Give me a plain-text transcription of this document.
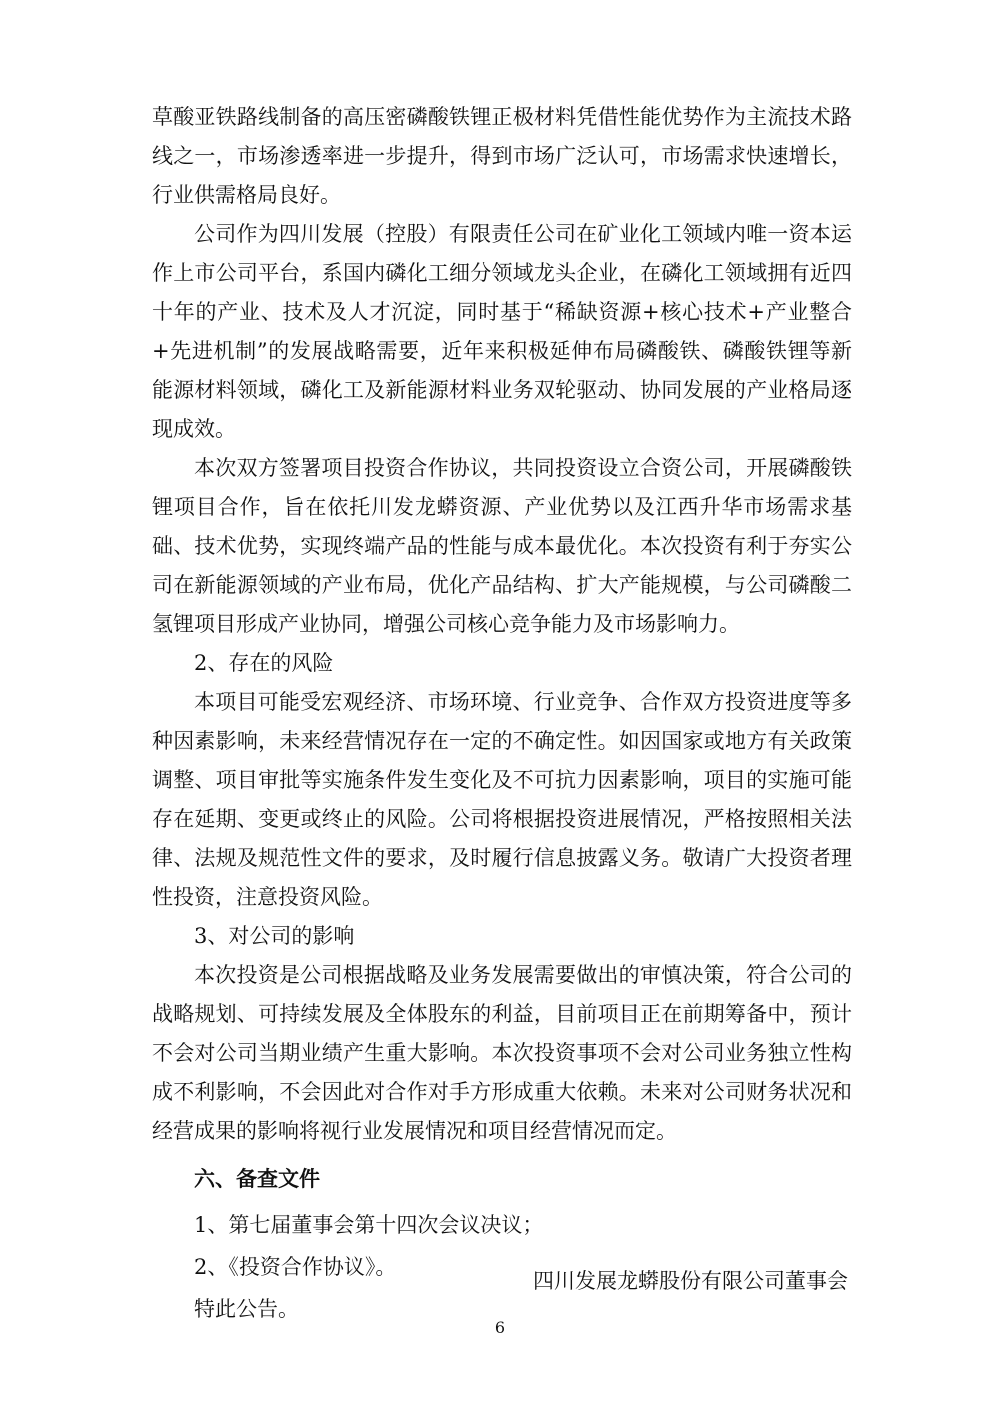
草酸亚铁路线制备的高压密磷酸铁锂正极材料凭借性能优势作为主流技术路线之一，市场渗透率进一步提升，得到市场广泛认可，市场需求快速增长，行业供需格局良好。

公司作为四川发展（控股）有限责任公司在矿业化工领域内唯一资本运作上市公司平台，系国内磷化工细分领域龙头企业，在磷化工领域拥有近四十年的产业、技术及人才沉淀，同时基于“稀缺资源+核心技术+产业整合+先进机制”的发展战略需要，近年来积极延伸布局磷酸铁、磷酸铁锂等新能源材料领域，磷化工及新能源材料业务双轮驱动、协同发展的产业格局逐现成效。

本次双方签署项目投资合作协议，共同投资设立合资公司，开展磷酸铁锂项目合作，旨在依托川发龙蟒资源、产业优势以及江西升华市场需求基础、技术优势，实现终端产品的性能与成本最优化。本次投资有利于夯实公司在新能源领域的产业布局，优化产品结构、扩大产能规模，与公司磷酸二氢锂项目形成产业协同，增强公司核心竞争能力及市场影响力。

2、存在的风险

本项目可能受宏观经济、市场环境、行业竞争、合作双方投资进度等多种因素影响，未来经营情况存在一定的不确定性。如因国家或地方有关政策调整、项目审批等实施条件发生变化及不可抗力因素影响，项目的实施可能存在延期、变更或终止的风险。公司将根据投资进展情况，严格按照相关法律、法规及规范性文件的要求，及时履行信息披露义务。敬请广大投资者理性投资，注意投资风险。

3、对公司的影响

本次投资是公司根据战略及业务发展需要做出的审慎决策，符合公司的战略规划、可持续发展及全体股东的利益，目前项目正在前期筹备中，预计不会对公司当期业绩产生重大影响。本次投资事项不会对公司业务独立性构成不利影响，不会因此对合作对手方形成重大依赖。未来对公司财务状况和经营成果的影响将视行业发展情况和项目经营情况而定。

六、备查文件

1、第七届董事会第十四次会议决议；

2、《投资合作协议》。

特此公告。

四川发展龙蟒股份有限公司董事会
6
